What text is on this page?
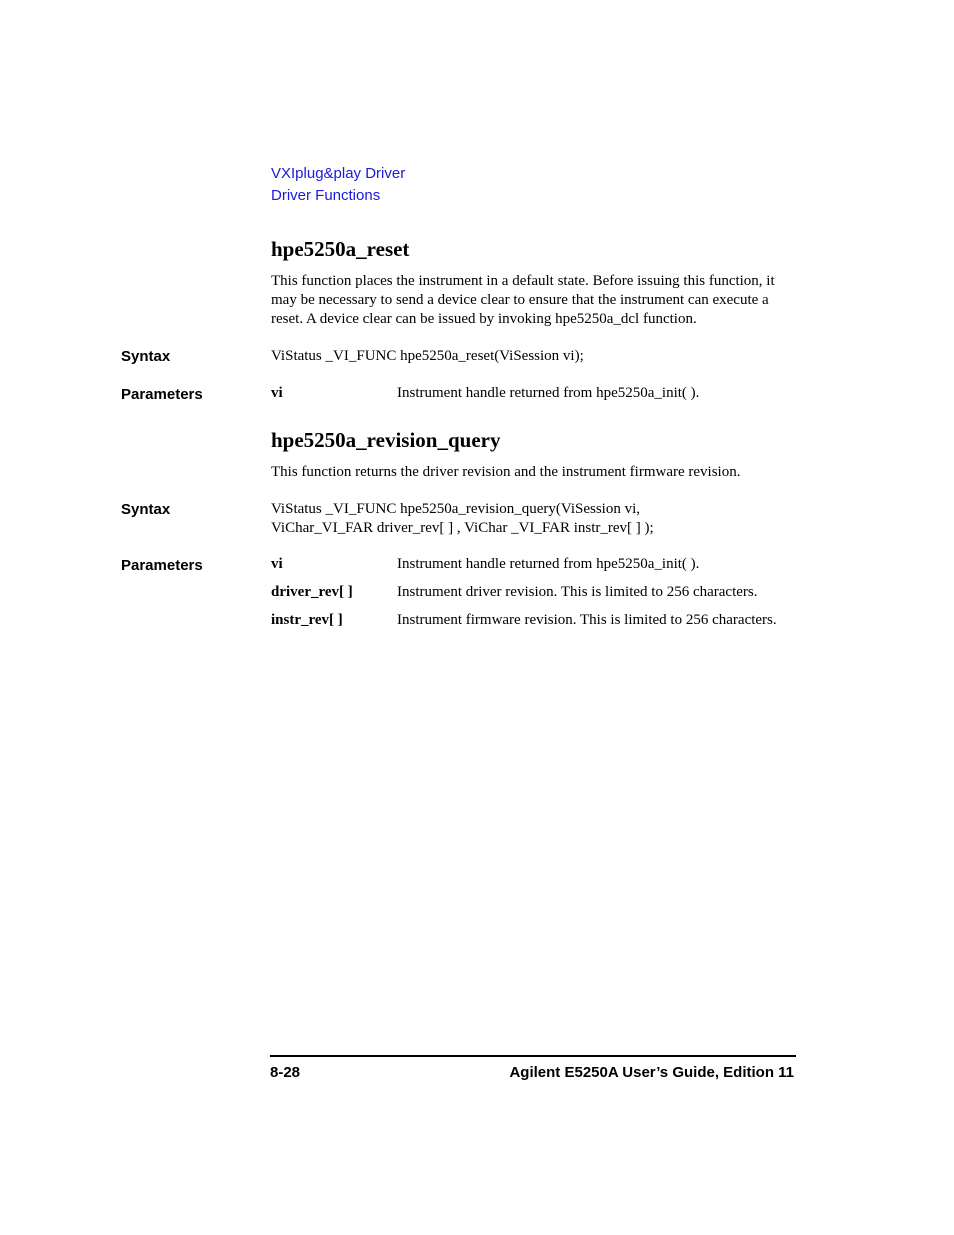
VXIplug&play Driver
Driver Functions
hpe5250a_reset
This function places the instrument in a default state. Before issuing this function, it
may be necessary to send a device clear to ensure that the instrument can execute a
reset. A device clear can be issued by invoking hpe5250a_dcl function.
Syntax	ViStatus _VI_FUNC hpe5250a_reset(ViSession vi);
Parameters	vi	Instrument handle returned from hpe5250a_init( ).
hpe5250a_revision_query
This function returns the driver revision and the instrument firmware revision.
Syntax	ViStatus _VI_FUNC hpe5250a_revision_query(ViSession vi,
ViChar_VI_FAR driver_rev[ ] , ViChar _VI_FAR instr_rev[ ] );
Parameters	vi	Instrument handle returned from hpe5250a_init( ).
driver_rev[ ]	Instrument driver revision. This is limited to 256 characters.
instr_rev[ ]	Instrument firmware revision. This is limited to 256 characters.
8-28	Agilent E5250A User’s Guide, Edition 11
